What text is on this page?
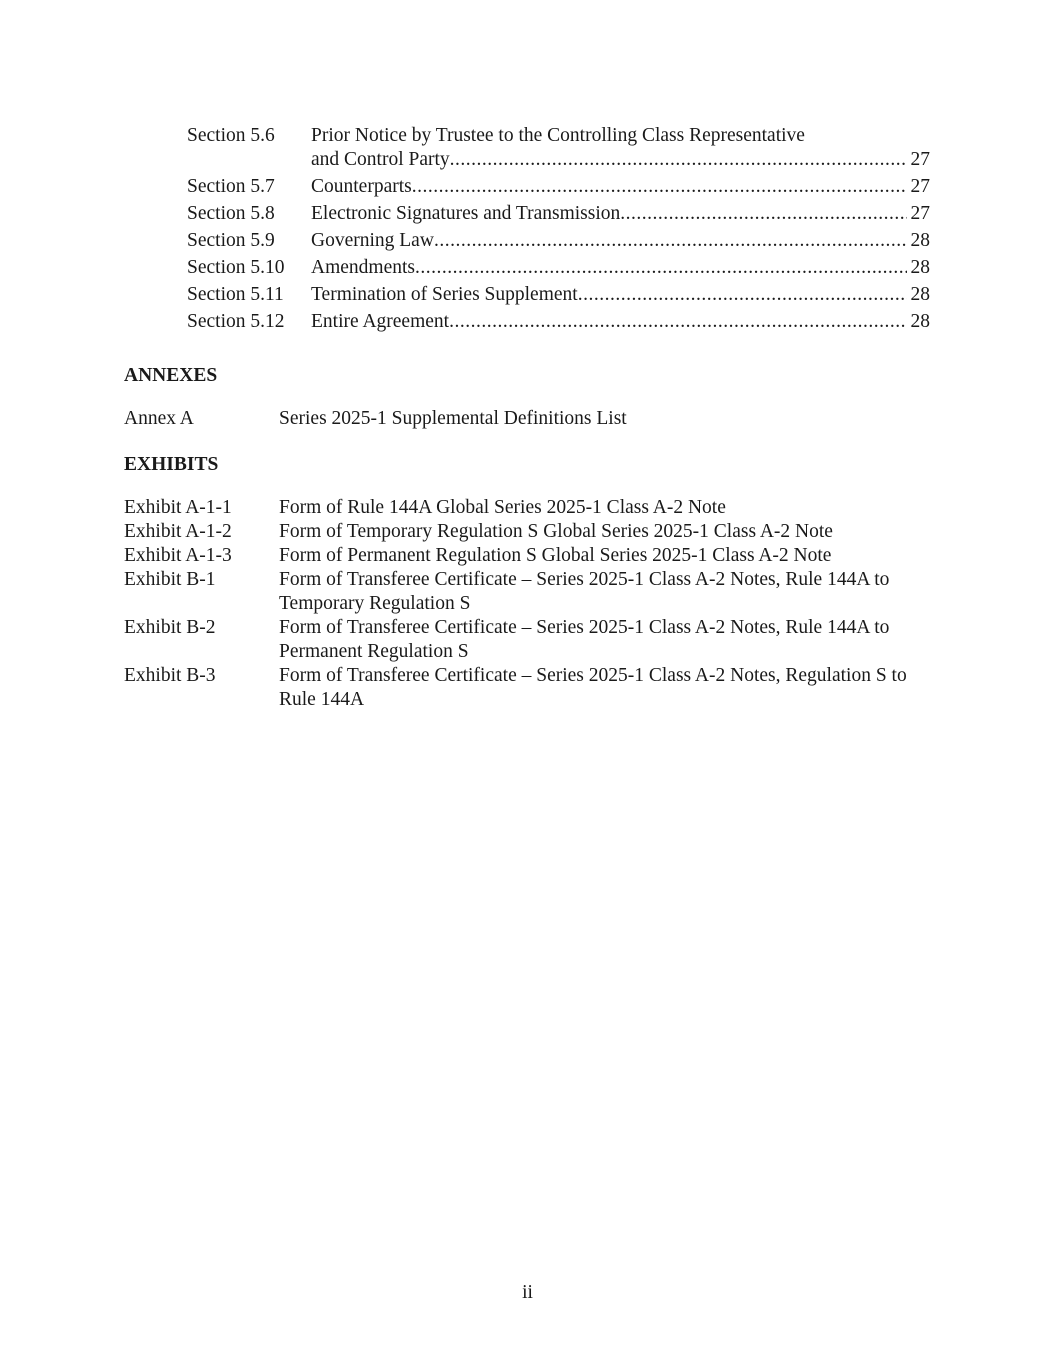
Section 5.6	Prior Notice by Trustee to the Controlling Class Representative
and Control Party .....	27
Section 5.7	Counterparts .....	27
Section 5.8	Electronic Signatures and Transmission .....	27
Section 5.9	Governing Law .....	28
Section 5.10	Amendments .....	28
Section 5.11	Termination of Series Supplement .....	28
Section 5.12	Entire Agreement .....	28
ANNEXES
Annex A	Series 2025-1 Supplemental Definitions List
EXHIBITS
Exhibit A-1-1	Form of Rule 144A Global Series 2025-1 Class A-2 Note
Exhibit A-1-2	Form of Temporary Regulation S Global Series 2025-1 Class A-2 Note
Exhibit A-1-3	Form of Permanent Regulation S Global Series 2025-1 Class A-2 Note
Exhibit B-1	Form of Transferee Certificate – Series 2025-1 Class A-2 Notes, Rule 144A to Temporary Regulation S
Exhibit B-2	Form of Transferee Certificate – Series 2025-1 Class A-2 Notes, Rule 144A to Permanent Regulation S
Exhibit B-3	Form of Transferee Certificate – Series 2025-1 Class A-2 Notes, Regulation S to Rule 144A
ii
